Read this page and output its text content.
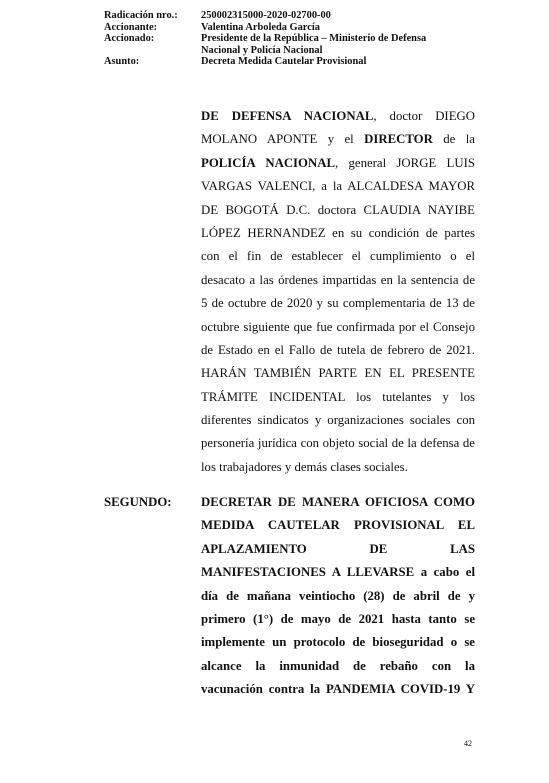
Radicación nro.:	250002315000-2020-02700-00
Accionante:	Valentina Arboleda García
Accionado:	Presidente de la República – Ministerio de Defensa
Nacional y Policía Nacional
Asunto:	Decreta Medida Cautelar Provisional
DE DEFENSA NACIONAL, doctor DIEGO
MOLANO APONTE y el DIRECTOR de la
POLICÍA NACIONAL, general JORGE LUIS
VARGAS VALENCI, a la ALCALDESA MAYOR
DE BOGOTÁ D.C. doctora CLAUDIA NAYIBE
LÓPEZ HERNANDEZ en su condición de partes
con el fin de establecer el cumplimiento o el
desacato a las órdenes impartidas en la sentencia de
5 de octubre de 2020 y su complementaria de 13 de
octubre siguiente que fue confirmada por el Consejo
de Estado en el Fallo de tutela de febrero de 2021.
HARÁN TAMBIÉN PARTE EN EL PRESENTE
TRÁMITE INCIDENTAL los tutelantes y los
diferentes sindicatos y organizaciones sociales con
personería jurídica con objeto social de la defensa de
los trabajadores y demás clases sociales.
SEGUNDO: DECRETAR DE MANERA OFICIOSA COMO
MEDIDA CAUTELAR PROVISIONAL EL
APLAZAMIENTO DE LAS
MANIFESTACIONES A LLEVARSE a cabo el
día de mañana veintiocho (28) de abril de y
primero (1°) de mayo de 2021 hasta tanto se
implemente un protocolo de bioseguridad o se
alcance la inmunidad de rebaño con la
vacunación contra la PANDEMIA COVID-19 Y
42
